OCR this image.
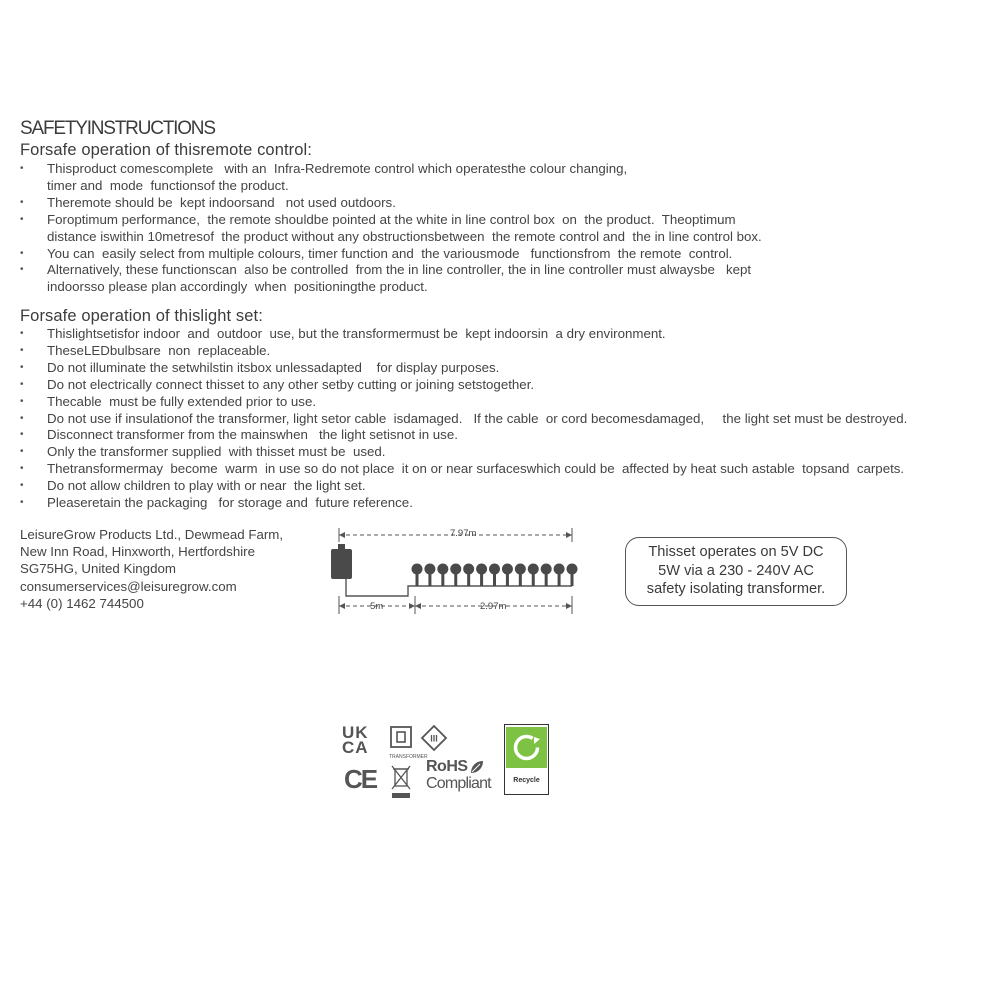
SAFETYINSTRUCTIONS
Forsafe operation of thisremote control:
• Thisproduct comescomplete   with an  Infra-Redremote control which operatesthe colour changing,
timer and  mode  functionsof the product.
• Theremote should be  kept indoorsand   not used outdoors.
• Foroptimum performance,  the remote shouldbe pointed at the white in line control box  on  the product.  Theoptimum
distance iswithin 10metresof  the product without any obstructionsbetween  the remote control and  the in line control box.
• You can  easily select from multiple colours, timer function and  the variousmode   functionsfrom  the remote  control.
• Alternatively, these functionscan  also be controlled  from the in line controller, the in line controller must alwaysbe   kept
indoorsso please plan accordingly  when  positioningthe product.
Forsafe operation of thislight set:
• Thislightsetisfor indoor  and  outdoor  use, but the transformermust be  kept indoorsin  a dry environment.
• TheseLEDbulbsare  non  replaceable.
• Do not illuminate the setwhilstin itsbox unlessadapted    for display purposes.
• Do not electrically connect thisset to any other setby cutting or joining setstogether.
• Thecable  must be fully extended prior to use.
• Do not use if insulationof the transformer, light setor cable  isdamaged.   If the cable  or cord becomesdamaged,     the light set must be destroyed.
• Disconnect transformer from the mainswhen   the light setisnot in use.
• Only the transformer supplied  with thisset must be  used.
• Thetransformermay  become  warm  in use so do not place  it on or near surfaceswhich could be  affected by heat such astable  topsand  carpets.
• Do not allow children to play with or near  the light set.
• Pleaseretain the packaging   for storage and  future reference.
LeisureGrow Products Ltd., Dewmead Farm,
New Inn Road, Hinxworth, Hertfordshire
SG75HG, United Kingdom
consumerservices@leisuregrow.com
+44 (0) 1462 744500
7.97m
5m	2.97m
Thisset operates on 5V DC
5W via a 230 - 240V AC
safety isolating transformer.
UK
CA	TRANSFORMER
III
CE	RoHS
Compliant	Recycle
